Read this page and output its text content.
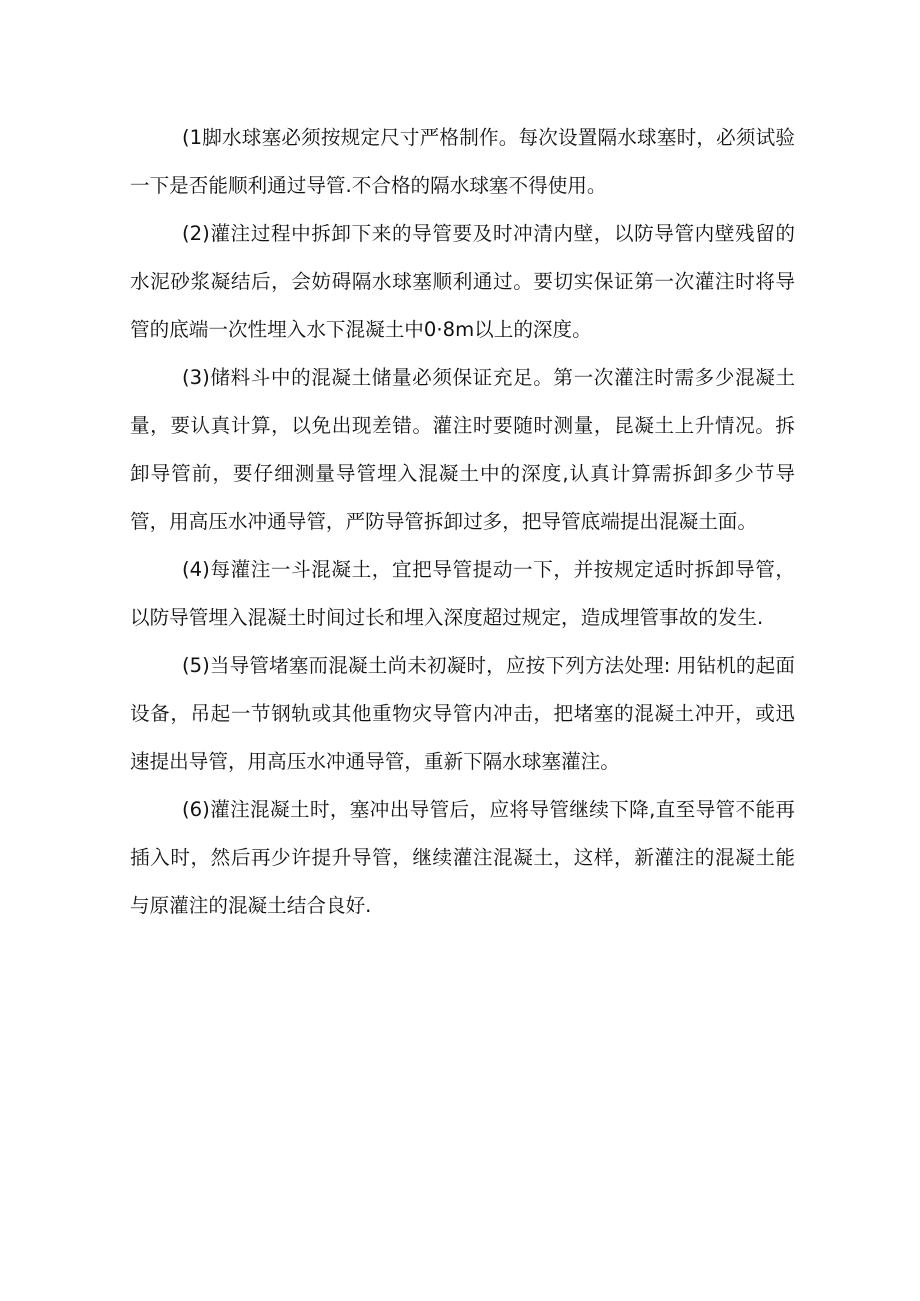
(1脚水球塞必须按规定尺寸严格制作。每次设置隔水球塞时，必须试验一下是否能顺利通过导管.不合格的隔水球塞不得使用。

(2)灌注过程中拆卸下来的导管要及时冲清内壁，以防导管内壁残留的水泥砂浆凝结后，会妨碍隔水球塞顺利通过。要切实保证第一次灌注时将导管的底端一次性埋入水下混凝土中0·8m以上的深度。

(3)储料斗中的混凝土储量必须保证充足。第一次灌注时需多少混凝土量，要认真计算，以免出现差错。灌注时要随时测量，昆凝土上升情况。拆卸导管前，要仔细测量导管埋入混凝土中的深度,认真计算需拆卸多少节导管，用高压水冲通导管，严防导管拆卸过多，把导管底端提出混凝土面。

(4)每灌注一斗混凝土，宜把导管提动一下，并按规定适时拆卸导管，以防导管埋入混凝土时间过长和埋入深度超过规定，造成埋管事故的发生.

(5)当导管堵塞而混凝土尚未初凝时，应按下列方法处理: 用钻机的起面设备，吊起一节钢轨或其他重物灾导管内冲击，把堵塞的混凝土冲开，或迅速提出导管，用高压水冲通导管，重新下隔水球塞灌注。

(6)灌注混凝土时，塞冲出导管后，应将导管继续下降,直至导管不能再插入时，然后再少许提升导管，继续灌注混凝土，这样，新灌注的混凝土能与原灌注的混凝土结合良好.
